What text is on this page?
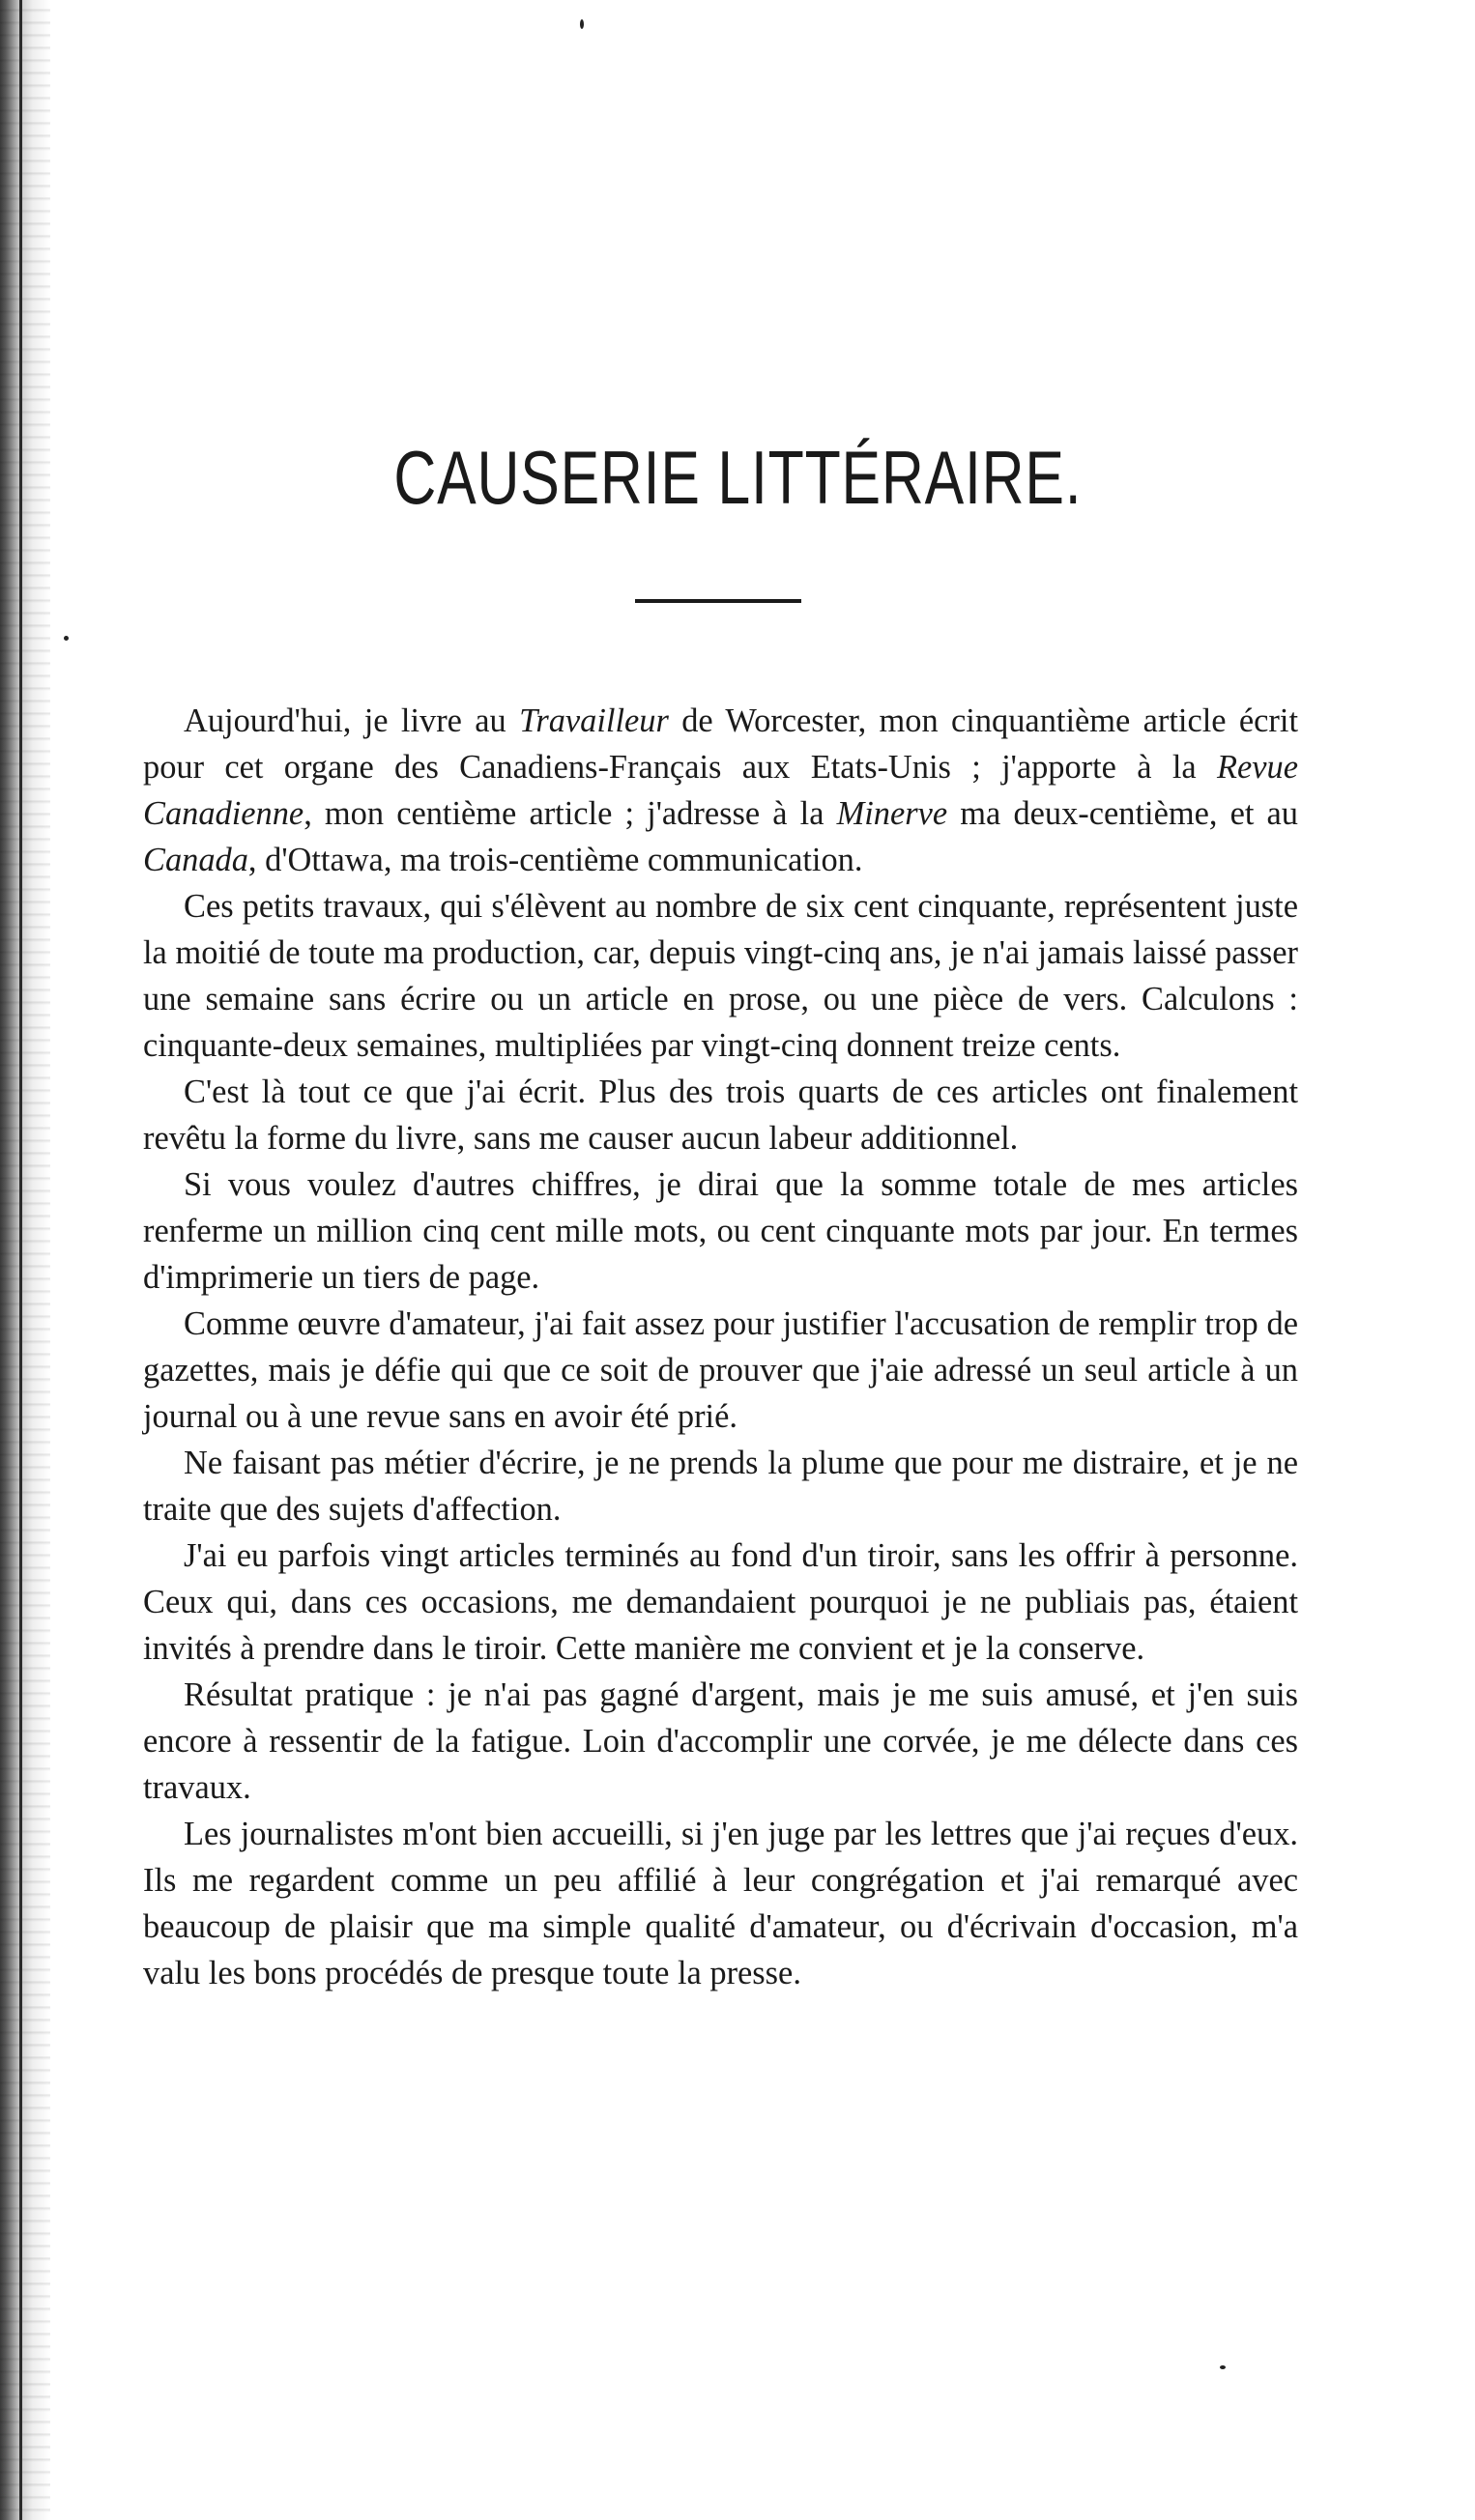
CAUSERIE LITTÉRAIRE.

Aujourd'hui, je livre au Travailleur de Worcester, mon cinquantième article écrit pour cet organe des Canadiens-Français aux Etats-Unis ; j'apporte à la Revue Canadienne, mon centième article ; j'adresse à la Minerve ma deux-centième, et au Canada, d'Ottawa, ma trois-centième communication.

Ces petits travaux, qui s'élèvent au nombre de six cent cinquante, représentent juste la moitié de toute ma production, car, depuis vingt-cinq ans, je n'ai jamais laissé passer une semaine sans écrire ou un article en prose, ou une pièce de vers. Calculons : cinquante-deux semaines, multipliées par vingt-cinq donnent treize cents.

C'est là tout ce que j'ai écrit. Plus des trois quarts de ces articles ont finalement revêtu la forme du livre, sans me causer aucun labeur additionnel.

Si vous voulez d'autres chiffres, je dirai que la somme totale de mes articles renferme un million cinq cent mille mots, ou cent cinquante mots par jour. En termes d'imprimerie un tiers de page.

Comme œuvre d'amateur, j'ai fait assez pour justifier l'accusation de remplir trop de gazettes, mais je défie qui que ce soit de prouver que j'aie adressé un seul article à un journal ou à une revue sans en avoir été prié.

Ne faisant pas métier d'écrire, je ne prends la plume que pour me distraire, et je ne traite que des sujets d'affection.

J'ai eu parfois vingt articles terminés au fond d'un tiroir, sans les offrir à personne. Ceux qui, dans ces occasions, me demandaient pourquoi je ne publiais pas, étaient invités à prendre dans le tiroir. Cette manière me convient et je la conserve.

Résultat pratique : je n'ai pas gagné d'argent, mais je me suis amusé, et j'en suis encore à ressentir de la fatigue. Loin d'accomplir une corvée, je me délecte dans ces travaux.

Les journalistes m'ont bien accueilli, si j'en juge par les lettres que j'ai reçues d'eux. Ils me regardent comme un peu affilié à leur congrégation et j'ai remarqué avec beaucoup de plaisir que ma simple qualité d'amateur, ou d'écrivain d'occasion, m'a valu les bons procédés de presque toute la presse.
